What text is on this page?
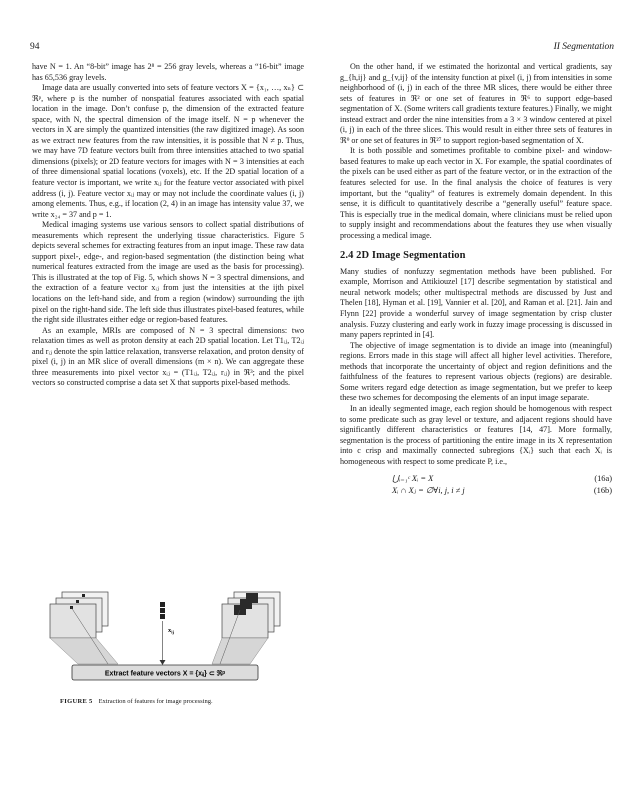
94	II Segmentation

have N = 1. An “8-bit” image has 2⁸ = 256 gray levels, whereas a “16-bit” image has 65,536 gray levels.

Image data are usually converted into sets of feature vectors X = {x₁, …, xₙ} ⊂ ℜᵖ, where p is the number of nonspatial features associated with each spatial location in the image. Don’t confuse p, the dimension of the extracted feature space, with N, the spectral dimension of the image itself. N = p whenever the vectors in X are simply the quantized intensities (the raw digitized image). As soon as we extract new features from the raw intensities, it is possible that N ≠ p. Thus, we may have 7D feature vectors built from three intensities attached to two spatial dimensions (pixels); or 2D feature vectors for images with N = 3 intensities at each of three dimensional spatial locations (voxels), etc. If the 2D spatial location of a feature vector is important, we write xᵢⱼ for the feature vector associated with pixel address (i, j). Feature vector xᵢⱼ may or may not include the coordinate values (i, j) among elements. Thus, e.g., if location (2, 4) in an image has intensity value 37, we write x₂₄ = 37 and p = 1.

Medical imaging systems use various sensors to collect spatial distributions of measurements which represent the underlying tissue characteristics. Figure 5 depicts several schemes for extracting features from an input image. These raw data support pixel-, edge-, and region-based segmentation (the distinction being what numerical features extracted from the image are used as the basis for processing). This is illustrated at the top of Fig. 5, which shows N = 3 spectral dimensions, and the extraction of a feature vector xᵢⱼ from just the intensities at the ijth pixel locations on the left-hand side, and from a region (window) surrounding the ijth pixel on the right-hand side. The left side thus illustrates pixel-based features, while the right side illustrates either edge or region-based features.

As an example, MRIs are composed of N = 3 spectral dimensions: two relaxation times as well as proton density at each 2D spatial location. Let T1ᵢⱼ, T2ᵢⱼ and rᵢⱼ denote the spin lattice relaxation, transverse relaxation, and proton density of pixel (i, j) in an MR slice of overall dimensions (m × n). We can aggregate these three measurements into pixel vector xᵢⱼ = (T1ᵢⱼ, T2ᵢⱼ, rᵢⱼ) in ℜ³; and the pixel vectors so constructed comprise a data set X that supports pixel-based methods.

$x_{ij}$
Extract feature vectors X = {xᵢⱼ} ⊂ ℜᵖ
FIGURE 5 Extraction of features for image processing.

On the other hand, if we estimated the horizontal and vertical gradients, say g_{h,ij} and g_{v,ij} of the intensity function at pixel (i, j) from intensities in some neighborhood of (i, j) in each of the three MR slices, there would be either three sets of features in ℜ² or one set of features in ℜ⁶ to support edge-based segmentation of X. (Some writers call gradients texture features.) Finally, we might instead extract and order the nine intensities from a 3 × 3 window centered at pixel (i, j) in each of the three slices. This would result in either three sets of features in ℜ⁹ or one set of features in ℜ²⁷ to support region-based segmentation of X.

It is both possible and sometimes profitable to combine pixel- and window-based features to make up each vector in X. For example, the spatial coordinates of the pixels can be used either as part of the feature vector, or in the extraction of the features selected for use. In the final analysis the choice of features is very important, but the “quality” of features is extremely domain dependent. In this sense, it is difficult to quantitatively describe a “generally useful” feature space. This is especially true in the medical domain, where clinicians must be relied upon to supply insight and recommendations about the features they use when visually processing a medical image.

2.4 2D Image Segmentation

Many studies of nonfuzzy segmentation methods have been published. For example, Morrison and Attikiouzel [17] describe segmentation by statistical and neural network models; other multispectral methods are discussed by Just and Thelen [18], Hyman et al. [19], Vannier et al. [20], and Raman et al. [21]. Jain and Flynn [22] provide a wonderful survey of image segmentation by crisp cluster analysis. Fuzzy clustering and early work in fuzzy image processing is discussed in many papers reprinted in [4].

The objective of image segmentation is to divide an image into (meaningful) regions. Errors made in this stage will affect all higher level activities. Therefore, methods that incorporate the uncertainty of object and region definitions and the faithfulness of the features to represent various objects (regions) are desirable. Some writers regard edge detection as image segmentation, but we prefer to keep these two schemes for decomposing the elements of an input image separate.

In an ideally segmented image, each region should be homogenous with respect to some predicate such as gray level or texture, and adjacent regions should have significantly different characteristics or features [14, 47]. More formally, segmentation is the process of partitioning the entire image in its X representation into c crisp and maximally connected subregions {Xᵢ} such that each Xᵢ is homogeneous with respect to some predicate P, i.e.,

⋃ᵢ₌₁ᶜ Xᵢ = X	(16a)
Xᵢ ∩ Xⱼ = ∅∀i, j, i ≠ j	(16b)
